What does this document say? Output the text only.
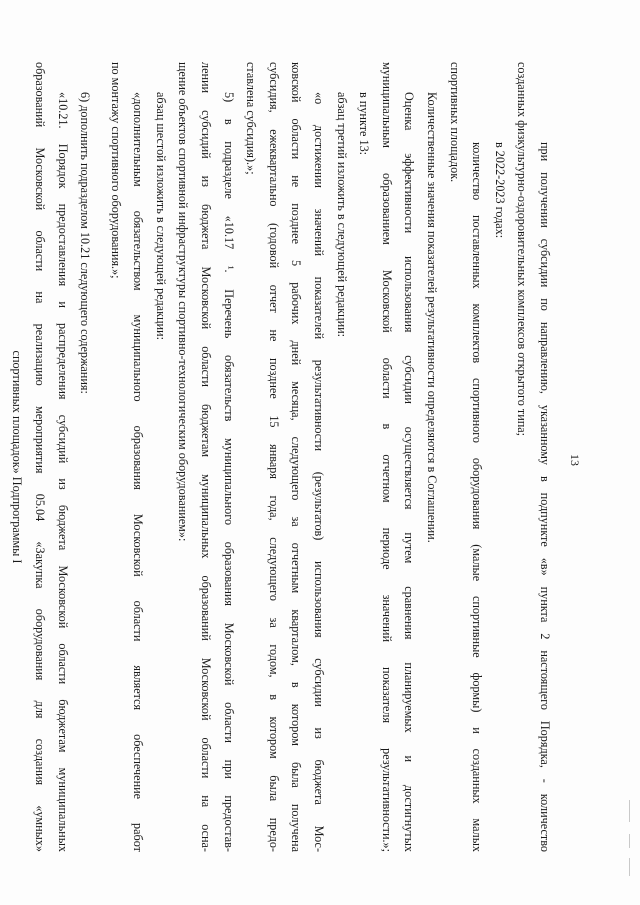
13
при получении субсидии по направлению, указанному в подпункте «в» пункта 2 настоящего Порядка, - количество
созданных физкультурно-оздоровительных комплексов открытого типа;
в 2022-2023 годах:
количество поставленных комплектов спортивного оборудования (малые спортивные формы) и созданных малых
спортивных площадок.
Количественные значения показателей результативности определяются в Соглашении.
Оценка эффективности использования субсидии осуществляется путем сравнения планируемых и достигнутых
муниципальным образованием Московской области в отчетном периоде значений показателя результативности.»;
в пункте 13:
абзац третий изложить в следующей редакции:
«о достижении значений показателей результативности (результатов) использования субсидии из бюджета Мос-
ковской области не позднее 5 рабочих дней месяца, следующего за отчетным кварталом, в котором была получена
субсидия, ежеквартально (годовой отчет не позднее 15 января года, следующего за годом, в котором была предо-
ставлена субсидия).»;
5) в подразделе «10.17 ¹. Перечень обязательств муниципального образования Московской области при предостав-
лении субсидий из бюджета Московской области бюджетам муниципальных образований Московской области на осна-
щение объектов спортивной инфраструктуры спортивно-технологическим оборудованием»:
абзац шестой изложить в следующей редакции:
«дополнительным обязательством муниципального образования Московской области является обеспечение работ
по монтажу спортивного оборудования.»;
6) дополнить подразделом 10.21 следующего содержания:
«10.21. Порядок предоставления и распределения субсидий из бюджета Московской области бюджетам муниципальных
образований Московской области на реализацию мероприятия 05.04 «Закупка оборудования для создания «умных»
спортивных площадок» Подпрограммы I
